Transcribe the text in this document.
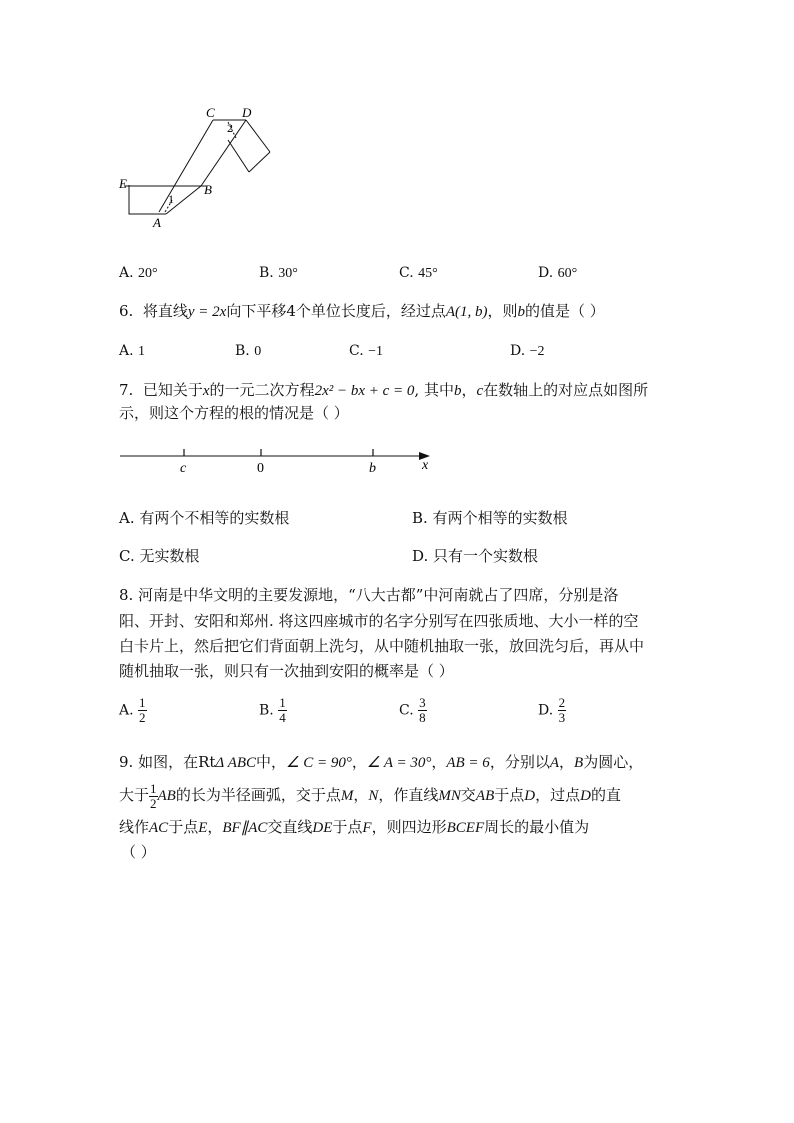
C D
2
E	B
1
A
A. 20°	B. 30°	C. 45°	D. 60°
6. 将直线y = 2x向下平移4个单位长度后，经过点A(1, b)，则b的值是（ ）
A. 1	B. 0	C. −1	D. −2
7. 已知关于x的一元二次方程2x² − bx + c = 0, 其中b，c在数轴上的对应点如图所
示，则这个方程的根的情况是（ ）
c	0	b	x
A. 有两个不相等的实数根	B. 有两个相等的实数根
C. 无实数根	D. 只有一个实数根
8. 河南是中华文明的主要发源地，“八大古都”中河南就占了四席，分别是洛
阳、开封、安阳和郑州. 将这四座城市的名字分别写在四张质地、大小一样的空
白卡片上，然后把它们背面朝上洗匀，从中随机抽取一张，放回洗匀后，再从中
随机抽取一张，则只有一次抽到安阳的概率是（ ）
A. $\frac{1}{2}$	B. $\frac{1}{4}$	C. $\frac{3}{8}$	D. $\frac{2}{3}$
9. 如图，在RtΔ ABC中，∠ C = 90°，∠ A = 30°，AB = 6，分别以A，B为圆心，
大于 $\frac{1}{2}$ AB的长为半径画弧，交于点M，N，作直线MN交AB于点D，过点D的直
线作AC于点E，BF∥AC交直线DE于点F，则四边形BCEF周长的最小值为
（ ）
